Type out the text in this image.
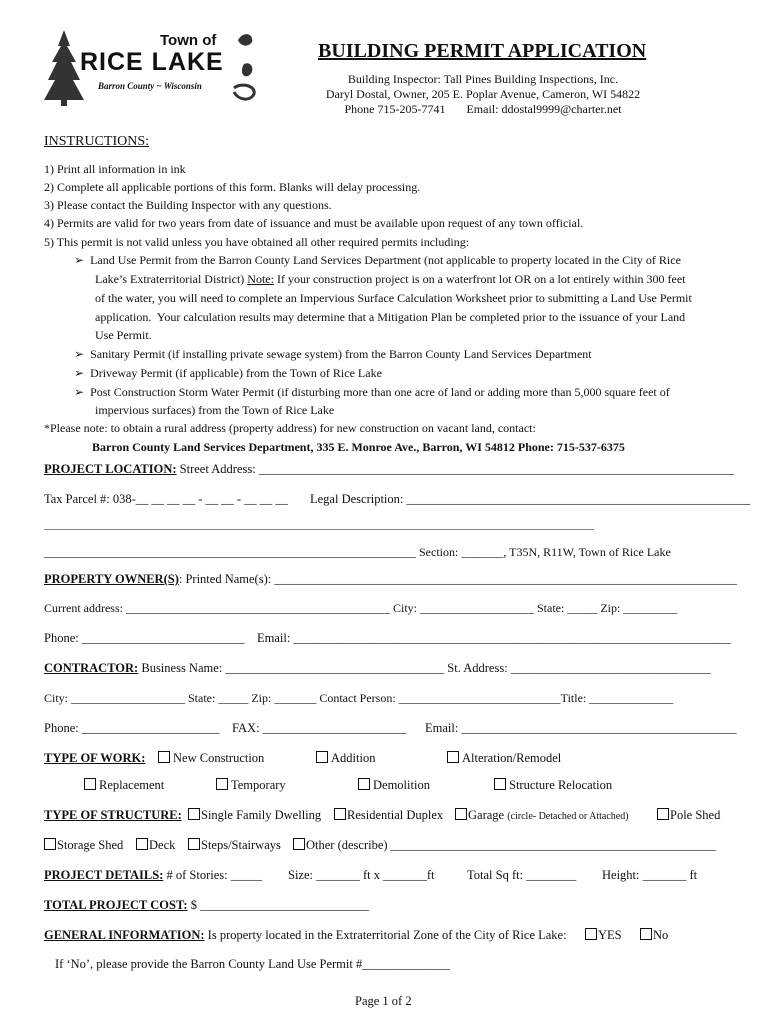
Town of
RICE LAKE
Barron County ~ Wisconsin
BUILDING PERMIT APPLICATION
Building Inspector: Tall Pines Building Inspections, Inc.
Daryl Dostal, Owner, 205 E. Poplar Avenue, Cameron, WI 54822
Phone 715-205-7741       Email: ddostal9999@charter.net
INSTRUCTIONS:
1) Print all information in ink
2) Complete all applicable portions of this form. Blanks will delay processing.
3) Please contact the Building Inspector with any questions.
4) Permits are valid for two years from date of issuance and must be available upon request of any town official.
5) This permit is not valid unless you have obtained all other required permits including:
➢  Land Use Permit from the Barron County Land Services Department (not applicable to property located in the City of Rice
Lake’s Extraterritorial District) Note: If your construction project is on a waterfront lot OR on a lot entirely within 300 feet
of the water, you will need to complete an Impervious Surface Calculation Worksheet prior to submitting a Land Use Permit
application.  Your calculation results may determine that a Mitigation Plan be completed prior to the issuance of your Land
Use Permit.
➢  Sanitary Permit (if installing private sewage system) from the Barron County Land Services Department
➢  Driveway Permit (if applicable) from the Town of Rice Lake
➢  Post Construction Storm Water Permit (if disturbing more than one acre of land or adding more than 5,000 square feet of
impervious surfaces) from the Town of Rice Lake
*Please note: to obtain a rural address (property address) for new construction on vacant land, contact:
Barron County Land Services Department, 335 E. Monroe Ave., Barron, WI 54812 Phone: 715-537-6375
PROJECT LOCATION: Street Address: ____________________________________________________________________________
Tax Parcel #: 038-__ __ __ __ - __ __ - __ __ __ Legal Description: _______________________________________________________
____________________________________________________________________________________________________
______________________________________________________________ Section: _______, T35N, R11W, Town of Rice Lake
PROPERTY OWNER(S): Printed Name(s): __________________________________________________________________________
Current address: ____________________________________________ City: ___________________ State: _____ Zip: _________
Phone: __________________________ Email: ______________________________________________________________________
CONTRACTOR: Business Name: ___________________________________ St. Address: ________________________________
City: ___________________ State: _____ Zip: _______ Contact Person: ___________________________Title: ______________
Phone: ______________________ FAX: _______________________ Email: ____________________________________________
TYPE OF WORK:	New Construction	Addition	Alteration/Remodel
Replacement	Temporary	Demolition	Structure Relocation
TYPE OF STRUCTURE:	Single Family Dwelling	Residential Duplex	Garage (circle- Detached or Attached)	Pole Shed
Storage Shed	Deck	Steps/Stairways	Other (describe) ____________________________________________________
PROJECT DETAILS: # of Stories: _____ Size: _______ ft x _______ft	Total Sq ft: ________ Height: _______ ft
TOTAL PROJECT COST: $ ___________________________
GENERAL INFORMATION: Is property located in the Extraterritorial Zone of the City of Rice Lake:	YES	No
If ‘No’, please provide the Barron County Land Use Permit #______________
Page 1 of 2
